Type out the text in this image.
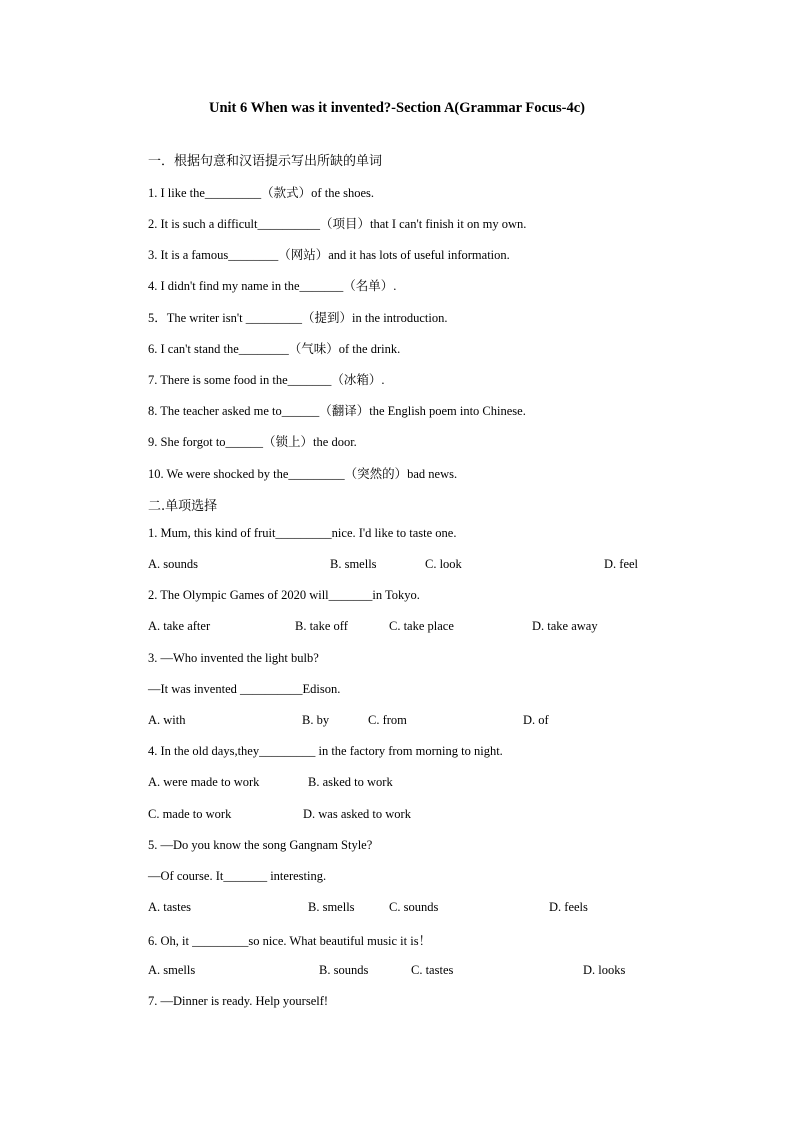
Unit 6 When was it invented?-Section A(Grammar Focus-4c)
一．根据句意和汉语提示写出所缺的单词
1. I like the_________（款式）of the shoes.
2. It is such a difficult__________（项目）that I can't finish it on my own.
3. It is a famous________（网站）and it has lots of useful information.
4. I didn't find my name in the_______（名单）.
5．The writer isn't _________（提到）in the introduction.
6. I can't stand the________（气味）of the drink.
7. There is some food in the_______（冰箱）.
8. The teacher asked me to______（翻译）the English poem into Chinese.
9. She forgot to______（锁上）the door.
10. We were shocked by the_________（突然的）bad news.
二.单项选择
1. Mum, this kind of fruit_________nice. I'd like to taste one.
A. sounds	B. smells	C. look	D. feel
2. The Olympic Games of 2020 will_______in Tokyo.
A. take after	B. take off	C. take place	D. take away
3. —Who invented the light bulb?
—It was invented __________Edison.
A. with	B. by	C. from	D. of
4. In the old days,they_________ in the factory from morning to night.
A. were made to work	B. asked to work
C. made to work	D. was asked to work
5. —Do you know the song Gangnam Style?
—Of course. It_______ interesting.
A. tastes	B. smells	C. sounds	D. feels
6. Oh, it _________so nice. What beautiful music it is！
A. smells	B. sounds	C. tastes	D. looks
7. —Dinner is ready. Help yourself!
